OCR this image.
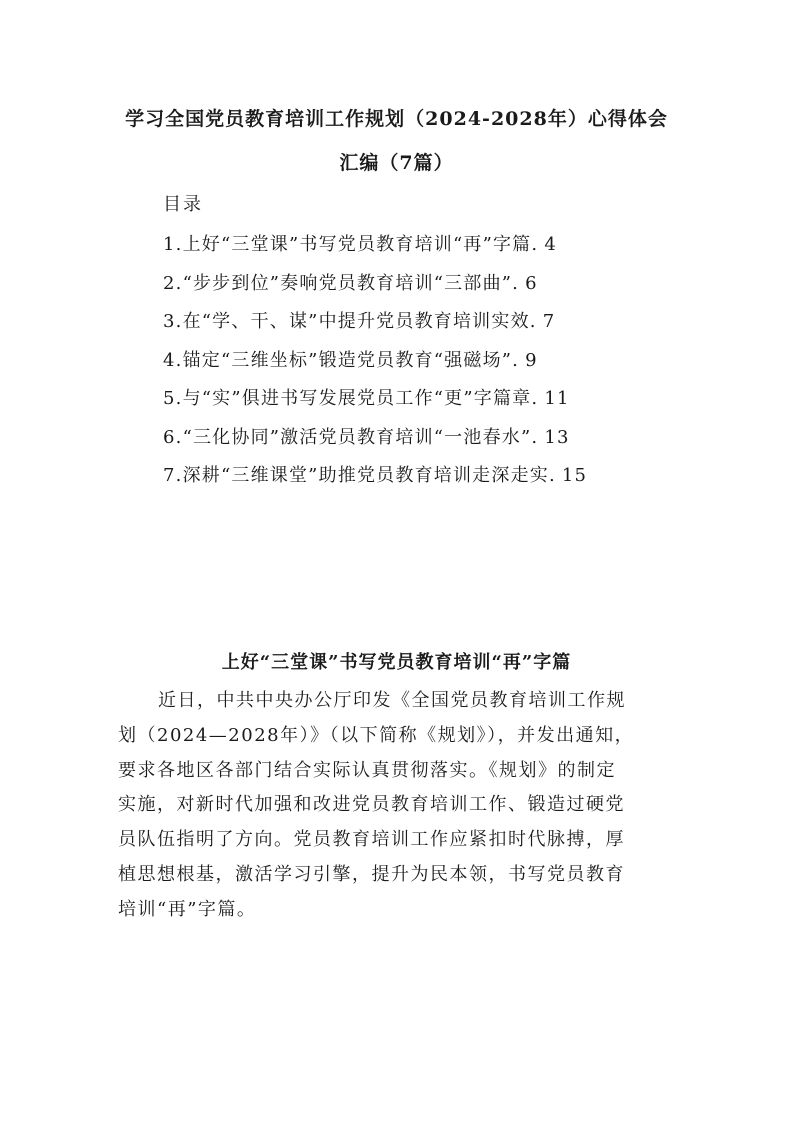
学习全国党员教育培训工作规划（2024-2028年）心得体会
汇编（7篇）
目录
1.上好“三堂课”书写党员教育培训“再”字篇. 4
2.“步步到位”奏响党员教育培训“三部曲”. 6
3.在“学、干、谋”中提升党员教育培训实效. 7
4.锚定“三维坐标”锻造党员教育“强磁场”. 9
5.与“实”俱进书写发展党员工作“更”字篇章. 11
6.“三化协同”激活党员教育培训“一池春水”. 13
7.深耕“三维课堂”助推党员教育培训走深走实. 15
上好“三堂课”书写党员教育培训“再”字篇

近日，中共中央办公厅印发《全国党员教育培训工作规
划（2024—2028年）》（以下简称《规划》），并发出通知，
要求各地区各部门结合实际认真贯彻落实。《规划》的制定
实施，对新时代加强和改进党员教育培训工作、锻造过硬党
员队伍指明了方向。党员教育培训工作应紧扣时代脉搏，厚
植思想根基，激活学习引擎，提升为民本领，书写党员教育
培训“再”字篇。
